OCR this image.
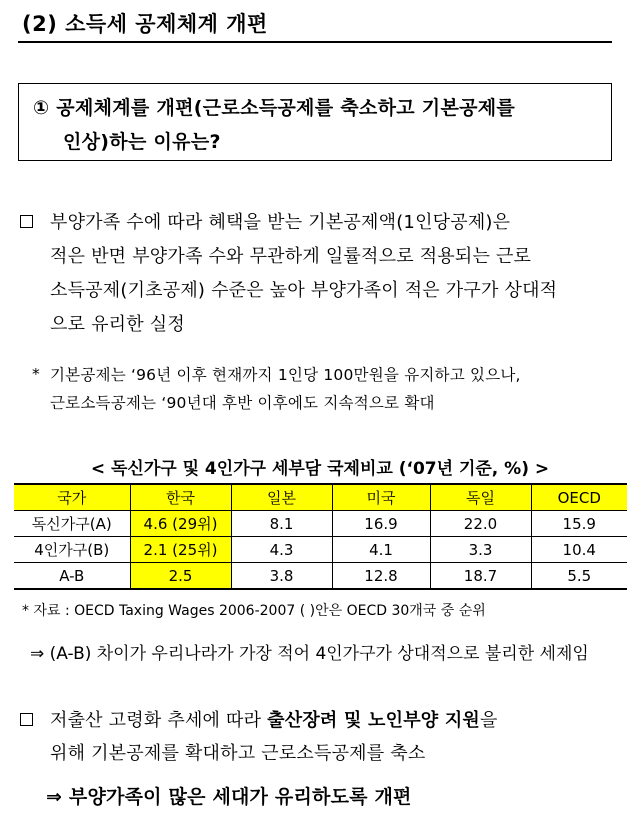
(2) 소득세 공제체계 개편
① 공제체계를 개편(근로소득공제를 축소하고 기본공제를
인상)하는 이유는?
부양가족 수에 따라 혜택을 받는 기본공제액(1인당공제)은
적은 반면 부양가족 수와 무관하게 일률적으로 적용되는 근로
소득공제(기초공제) 수준은 높아 부양가족이 적은 가구가 상대적
으로 유리한 실정
* 기본공제는 ‘96년 이후 현재까지 1인당 100만원을 유지하고 있으나,
근로소득공제는 ‘90년대 후반 이후에도 지속적으로 확대
< 독신가구 및 4인가구 세부담 국제비교 (‘07년 기준, %) >
국가	한국	일본	미국	독일	OECD
독신가구(A)	4.6 (29위)	8.1	16.9	22.0	15.9
4인가구(B)	2.1 (25위)	4.3	4.1	3.3	10.4
A-B	2.5	3.8	12.8	18.7	5.5
* 자료 : OECD Taxing Wages 2006-2007 ( )안은 OECD 30개국 중 순위
⇒ (A-B) 차이가 우리나라가 가장 적어 4인가구가 상대적으로 불리한 세제임
저출산 고령화 추세에 따라 출산장려 및 노인부양 지원을
위해 기본공제를 확대하고 근로소득공제를 축소
⇒ 부양가족이 많은 세대가 유리하도록 개편
